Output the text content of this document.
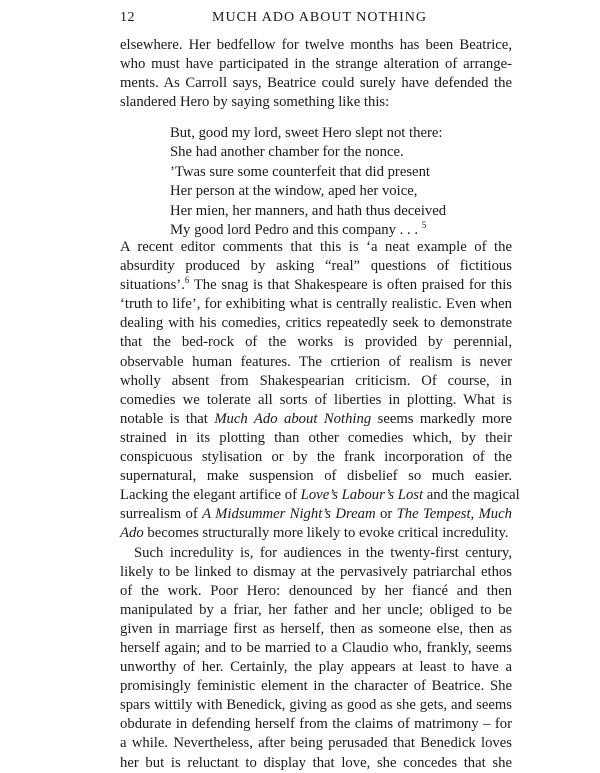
12	MUCH ADO ABOUT NOTHING
elsewhere. Her bedfellow for twelve months has been Beatrice,
who must have participated in the strange alteration of arrange-
ments. As Carroll says, Beatrice could surely have defended the
slandered Hero by saying something like this:
But, good my lord, sweet Hero slept not there:
She had another chamber for the nonce.
’Twas sure some counterfeit that did present
Her person at the window, aped her voice,
Her mien, her manners, and hath thus deceived
My good lord Pedro and this company . . . $^5$
A recent editor comments that this is ‘a neat example of the
absurdity produced by asking “real” questions of fictitious
situations’.$^6$ The snag is that Shakespeare is often praised for this
‘truth to life’, for exhibiting what is centrally realistic. Even when
dealing with his comedies, critics repeatedly seek to demonstrate
that the bed-rock of the works is provided by perennial,
observable human features. The crtierion of realism is never
wholly absent from Shakespearian criticism. Of course, in
comedies we tolerate all sorts of liberties in plotting. What is
notable is that Much Ado about Nothing seems markedly more
strained in its plotting than other comedies which, by their
conspicuous stylisation or by the frank incorporation of the
supernatural, make suspension of disbelief so much easier.
Lacking the elegant artifice of Love’s Labour’s Lost and the magical
surrealism of A Midsummer Night’s Dream or The Tempest, Much
Ado becomes structurally more likely to evoke critical incredulity.
Such incredulity is, for audiences in the twenty-first century,
likely to be linked to dismay at the pervasively patriarchal ethos
of the work. Poor Hero: denounced by her fiancé and then
manipulated by a friar, her father and her uncle; obliged to be
given in marriage first as herself, then as someone else, then as
herself again; and to be married to a Claudio who, frankly, seems
unworthy of her. Certainly, the play appears at least to have a
promisingly feministic element in the character of Beatrice. She
spars wittily with Benedick, giving as good as she gets, and seems
obdurate in defending herself from the claims of matrimony – for
a while. Nevertheless, after being perusaded that Benedick loves
her but is reluctant to display that love, she concedes that she
